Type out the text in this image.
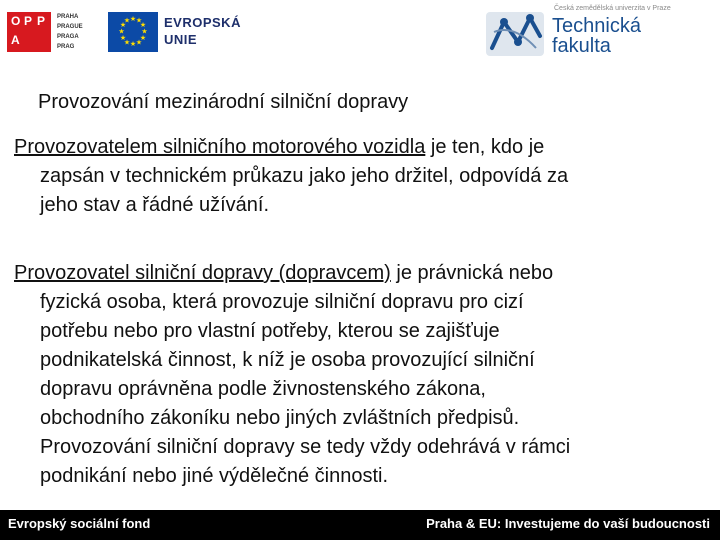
O P P
A
PRAHA
PRAGUE
PRAGA
PRAG
★ ★
★
★
★
★
★
★
★
★
★
★	EVROPSKÁ
UNIE
Česká zemědělská univerzita v Praze
Technická
fakulta
Provozování mezinárodní silniční dopravy
Provozovatelem silničního motorového vozidla je ten, kdo je
zapsán v technickém průkazu jako jeho držitel, odpovídá za
jeho stav a řádné užívání.
Provozovatel silniční dopravy (dopravcem) je právnická nebo
fyzická osoba, která provozuje silniční dopravu pro cizí
potřebu nebo pro vlastní potřeby, kterou se zajišťuje
podnikatelská činnost, k níž je osoba provozující silniční
dopravu oprávněna podle živnostenského zákona,
obchodního zákoníku nebo jiných zvláštních předpisů.
Provozování silniční dopravy se tedy vždy odehrává v rámci
podnikání nebo jiné výdělečné činnosti.
Evropský sociální fond	Praha & EU: Investujeme do vaší budoucnosti
